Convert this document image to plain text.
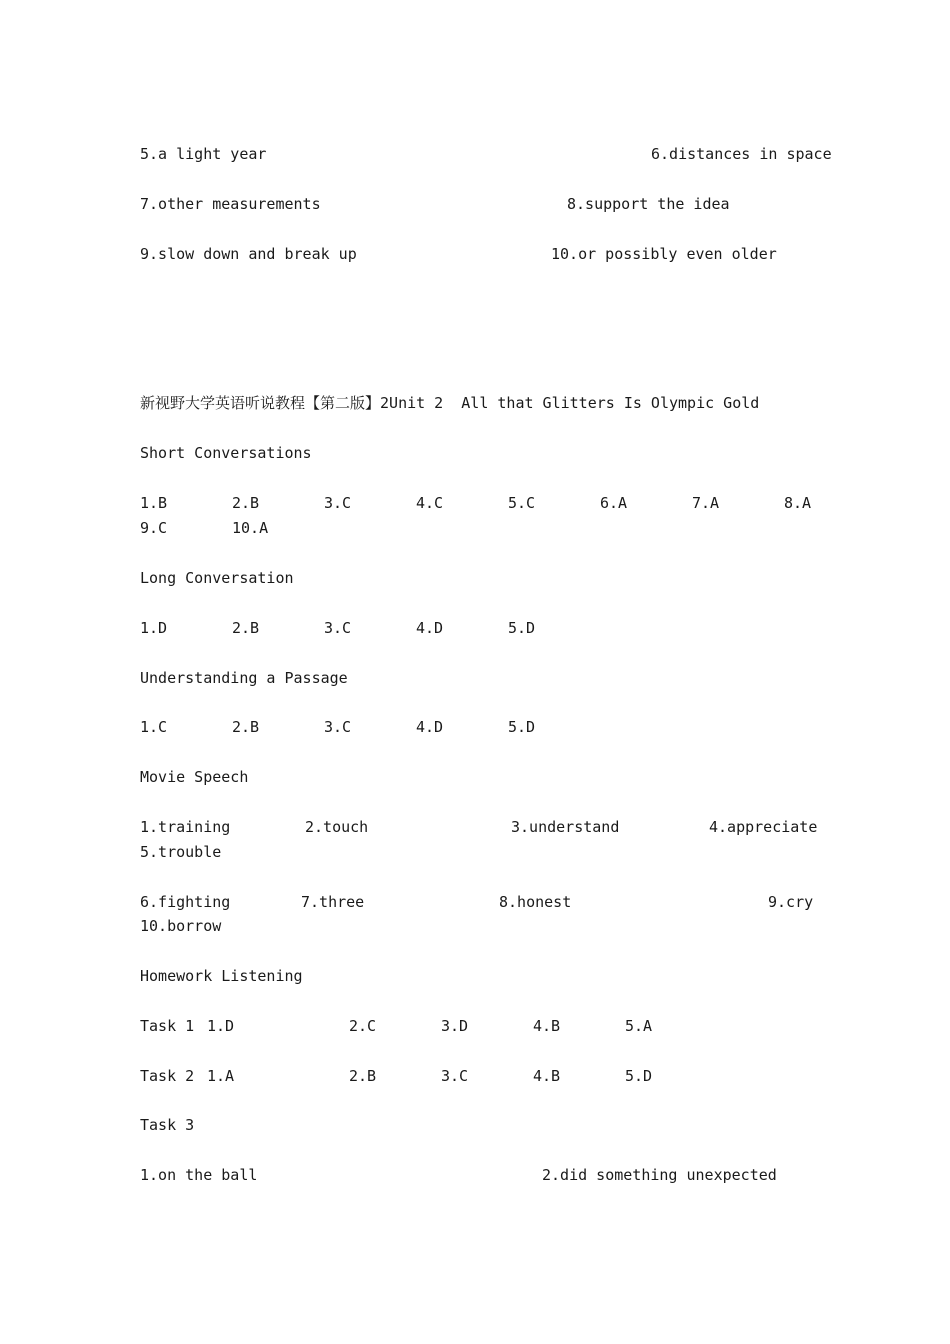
5.a light year	6.distances in space
7.other measurements	8.support the idea
9.slow down and break up	10.or possibly even older
新视野大学英语听说教程【第二版】2Unit 2  All that Glitters Is Olympic Gold
Short Conversations
1.B	2.B	3.C	4.C	5.C	6.A	7.A	8.A
9.C	10.A
Long Conversation
1.D	2.B	3.C	4.D	5.D
Understanding a Passage
1.C	2.B	3.C	4.D	5.D
Movie Speech
1.training	2.touch	3.understand	4.appreciate
5.trouble
6.fighting	7.three	8.honest	9.cry
10.borrow
Homework Listening
Task 1 1.D	2.C	3.D	4.B	5.A
Task 2 1.A	2.B	3.C	4.B	5.D
Task 3
1.on the ball	2.did something unexpected
